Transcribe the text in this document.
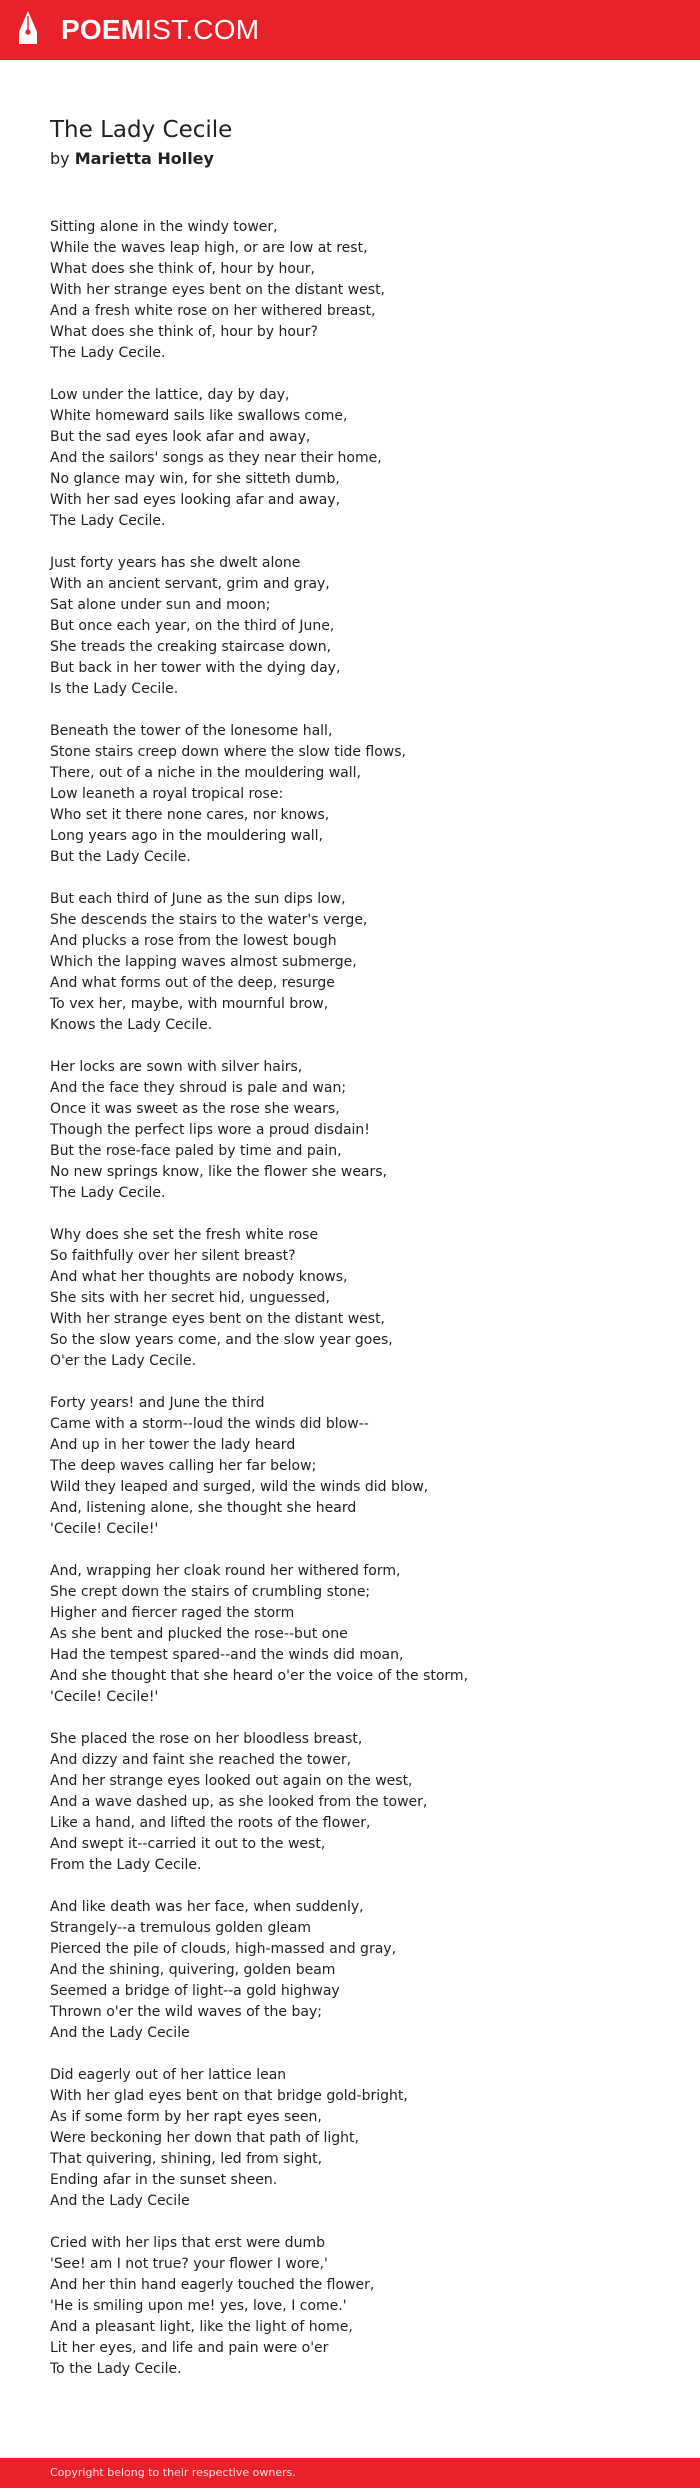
POEMIST.COM
The Lady Cecile
by Marietta Holley
Sitting alone in the windy tower,
While the waves leap high, or are low at rest,
What does she think of, hour by hour,
With her strange eyes bent on the distant west,
And a fresh white rose on her withered breast,
What does she think of, hour by hour?
The Lady Cecile.
Low under the lattice, day by day,
White homeward sails like swallows come,
But the sad eyes look afar and away,
And the sailors' songs as they near their home,
No glance may win, for she sitteth dumb,
With her sad eyes looking afar and away,
The Lady Cecile.
Just forty years has she dwelt alone
With an ancient servant, grim and gray,
Sat alone under sun and moon;
But once each year, on the third of June,
She treads the creaking staircase down,
But back in her tower with the dying day,
Is the Lady Cecile.
Beneath the tower of the lonesome hall,
Stone stairs creep down where the slow tide flows,
There, out of a niche in the mouldering wall,
Low leaneth a royal tropical rose:
Who set it there none cares, nor knows,
Long years ago in the mouldering wall,
But the Lady Cecile.
But each third of June as the sun dips low,
She descends the stairs to the water's verge,
And plucks a rose from the lowest bough
Which the lapping waves almost submerge,
And what forms out of the deep, resurge
To vex her, maybe, with mournful brow,
Knows the Lady Cecile.
Her locks are sown with silver hairs,
And the face they shroud is pale and wan;
Once it was sweet as the rose she wears,
Though the perfect lips wore a proud disdain!
But the rose-face paled by time and pain,
No new springs know, like the flower she wears,
The Lady Cecile.
Why does she set the fresh white rose
So faithfully over her silent breast?
And what her thoughts are nobody knows,
She sits with her secret hid, unguessed,
With her strange eyes bent on the distant west,
So the slow years come, and the slow year goes,
O'er the Lady Cecile.
Forty years! and June the third
Came with a storm--loud the winds did blow--
And up in her tower the lady heard
The deep waves calling her far below;
Wild they leaped and surged, wild the winds did blow,
And, listening alone, she thought she heard
'Cecile! Cecile!'
And, wrapping her cloak round her withered form,
She crept down the stairs of crumbling stone;
Higher and fiercer raged the storm
As she bent and plucked the rose--but one
Had the tempest spared--and the winds did moan,
And she thought that she heard o'er the voice of the storm,
'Cecile! Cecile!'
She placed the rose on her bloodless breast,
And dizzy and faint she reached the tower,
And her strange eyes looked out again on the west,
And a wave dashed up, as she looked from the tower,
Like a hand, and lifted the roots of the flower,
And swept it--carried it out to the west,
From the Lady Cecile.
And like death was her face, when suddenly,
Strangely--a tremulous golden gleam
Pierced the pile of clouds, high-massed and gray,
And the shining, quivering, golden beam
Seemed a bridge of light--a gold highway
Thrown o'er the wild waves of the bay;
And the Lady Cecile
Did eagerly out of her lattice lean
With her glad eyes bent on that bridge gold-bright,
As if some form by her rapt eyes seen,
Were beckoning her down that path of light,
That quivering, shining, led from sight,
Ending afar in the sunset sheen.
And the Lady Cecile
Cried with her lips that erst were dumb
'See! am I not true? your flower I wore,'
And her thin hand eagerly touched the flower,
'He is smiling upon me! yes, love, I come.'
And a pleasant light, like the light of home,
Lit her eyes, and life and pain were o'er
To the Lady Cecile.
Copyright belong to their respective owners.
